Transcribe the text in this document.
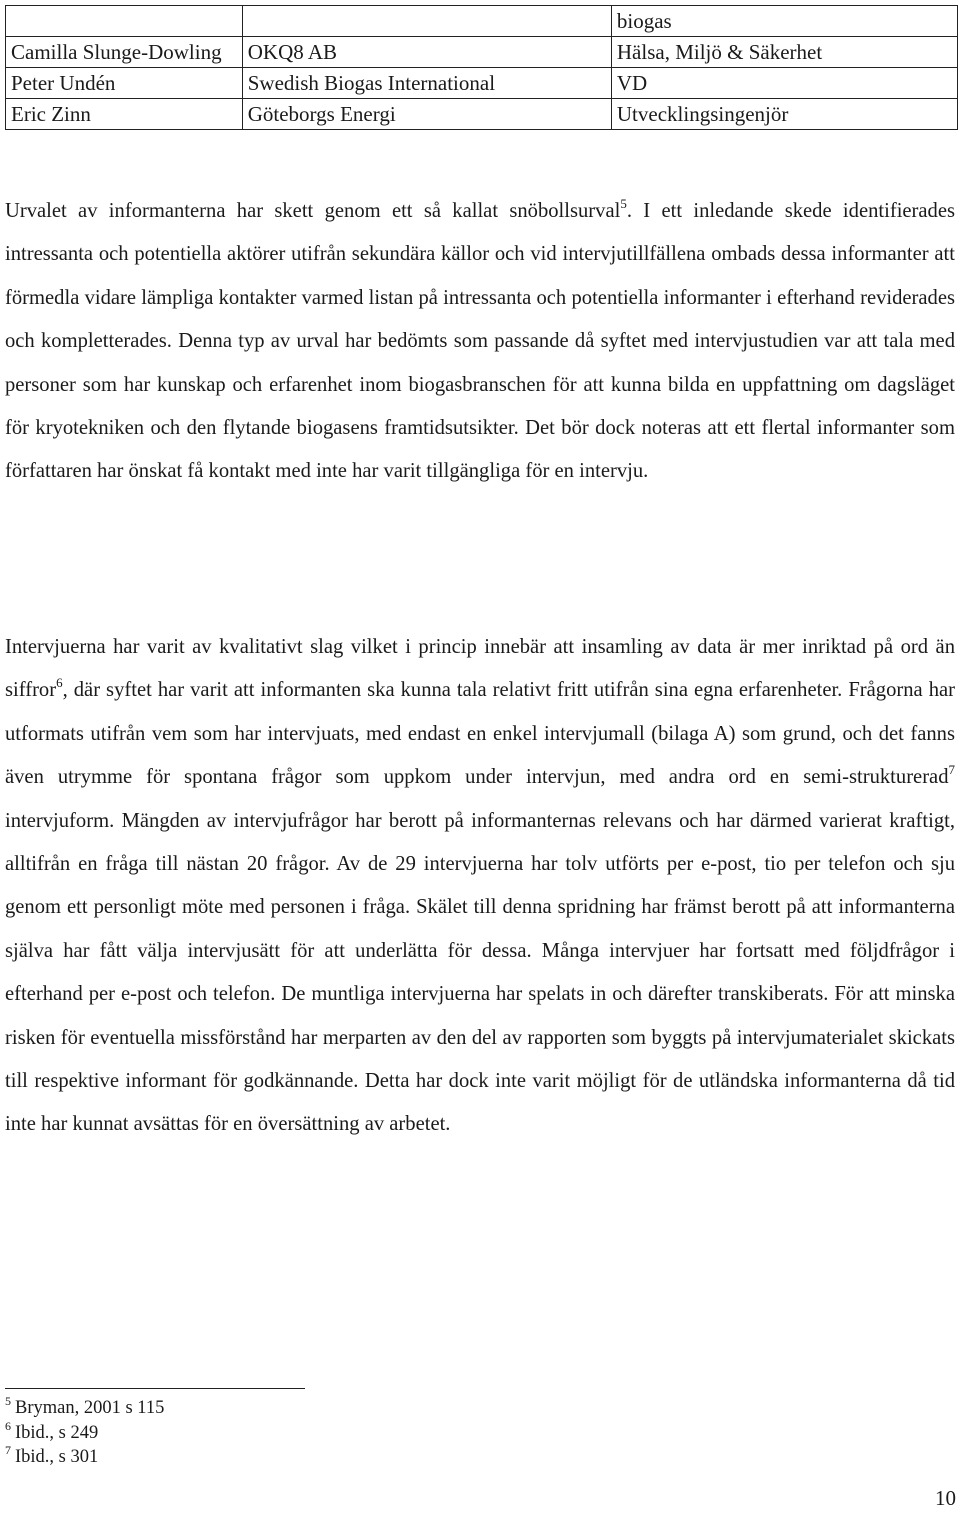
		biogas
Camilla Slunge-Dowling	OKQ8 AB	Hälsa, Miljö & Säkerhet
Peter Undén	Swedish Biogas International	VD
Eric Zinn	Göteborgs Energi	Utvecklingsingenjör

Urvalet av informanterna har skett genom ett så kallat snöbollsurval$^5$. I ett inledande skede identifierades intressanta och potentiella aktörer utifrån sekundära källor och vid intervjutillfällena ombads dessa informanter att förmedla vidare lämpliga kontakter varmed listan på intressanta och potentiella informanter i efterhand reviderades och kompletterades. Denna typ av urval har bedömts som passande då syftet med intervjustudien var att tala med personer som har kunskap och erfarenhet inom biogasbranschen för att kunna bilda en uppfattning om dagsläget för kryotekniken och den flytande biogasens framtidsutsikter. Det bör dock noteras att ett flertal informanter som författaren har önskat få kontakt med inte har varit tillgängliga för en intervju.

Intervjuerna har varit av kvalitativt slag vilket i princip innebär att insamling av data är mer inriktad på ord än siffror$^6$, där syftet har varit att informanten ska kunna tala relativt fritt utifrån sina egna erfarenheter. Frågorna har utformats utifrån vem som har intervjuats, med endast en enkel intervjumall (bilaga A) som grund, och det fanns även utrymme för spontana frågor som uppkom under intervjun, med andra ord en semi-strukturerad$^7$ intervjuform. Mängden av intervjufrågor har berott på informanternas relevans och har därmed varierat kraftigt, alltifrån en fråga till nästan 20 frågor. Av de 29 intervjuerna har tolv utförts per e-post, tio per telefon och sju genom ett personligt möte med personen i fråga. Skälet till denna spridning har främst berott på att informanterna själva har fått välja intervjusätt för att underlätta för dessa. Många intervjuer har fortsatt med följdfrågor i efterhand per e-post och telefon. De muntliga intervjuerna har spelats in och därefter transkiberats. För att minska risken för eventuella missförstånd har merparten av den del av rapporten som byggts på intervjumaterialet skickats till respektive informant för godkännande. Detta har dock inte varit möjligt för de utländska informanterna då tid inte har kunnat avsättas för en översättning av arbetet.

$^5$ Bryman, 2001 s 115
$^6$ Ibid., s 249
$^7$ Ibid., s 301
10
